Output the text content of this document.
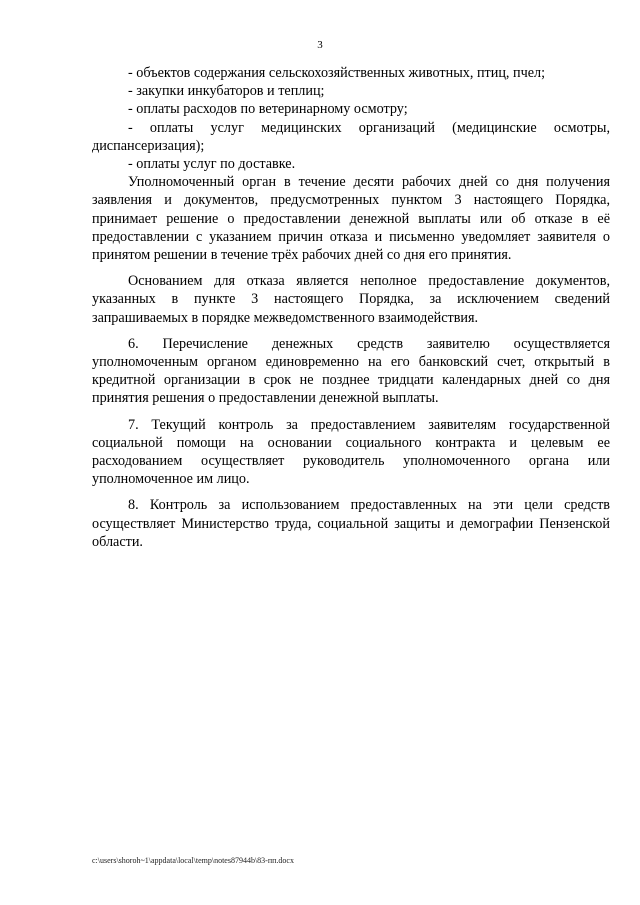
3

- объектов содержания сельскохозяйственных животных, птиц, пчел;

- закупки инкубаторов и теплиц;

- оплаты расходов по ветеринарному осмотру;

- оплаты услуг медицинских организаций (медицинские осмотры, диспансеризация);

- оплаты услуг по доставке.

Уполномоченный орган в течение десяти рабочих дней со дня получения заявления и документов, предусмотренных пунктом 3 настоящего Порядка, принимает решение о предоставлении денежной выплаты или об отказе в её предоставлении с указанием причин отказа и письменно уведомляет заявителя о принятом решении в течение трёх рабочих дней со дня его принятия.

Основанием для отказа является неполное предоставление документов, указанных в пункте 3 настоящего Порядка, за исключением сведений запрашиваемых в порядке межведомственного взаимодействия.

6. Перечисление денежных средств заявителю осуществляется уполномоченным органом единовременно на его банковский счет, открытый в кредитной организации в срок не позднее тридцати календарных дней со дня принятия решения о предоставлении денежной выплаты.

7. Текущий контроль за предоставлением заявителям государственной социальной помощи на основании социального контракта и целевым ее расходованием осуществляет руководитель уполномоченного органа или уполномоченное им лицо.

8. Контроль за использованием предоставленных на эти цели средств осуществляет Министерство труда, социальной защиты и демографии Пензенской области.

c:\users\shoroh~1\appdata\local\temp\notes87944b\83-пп.docx
